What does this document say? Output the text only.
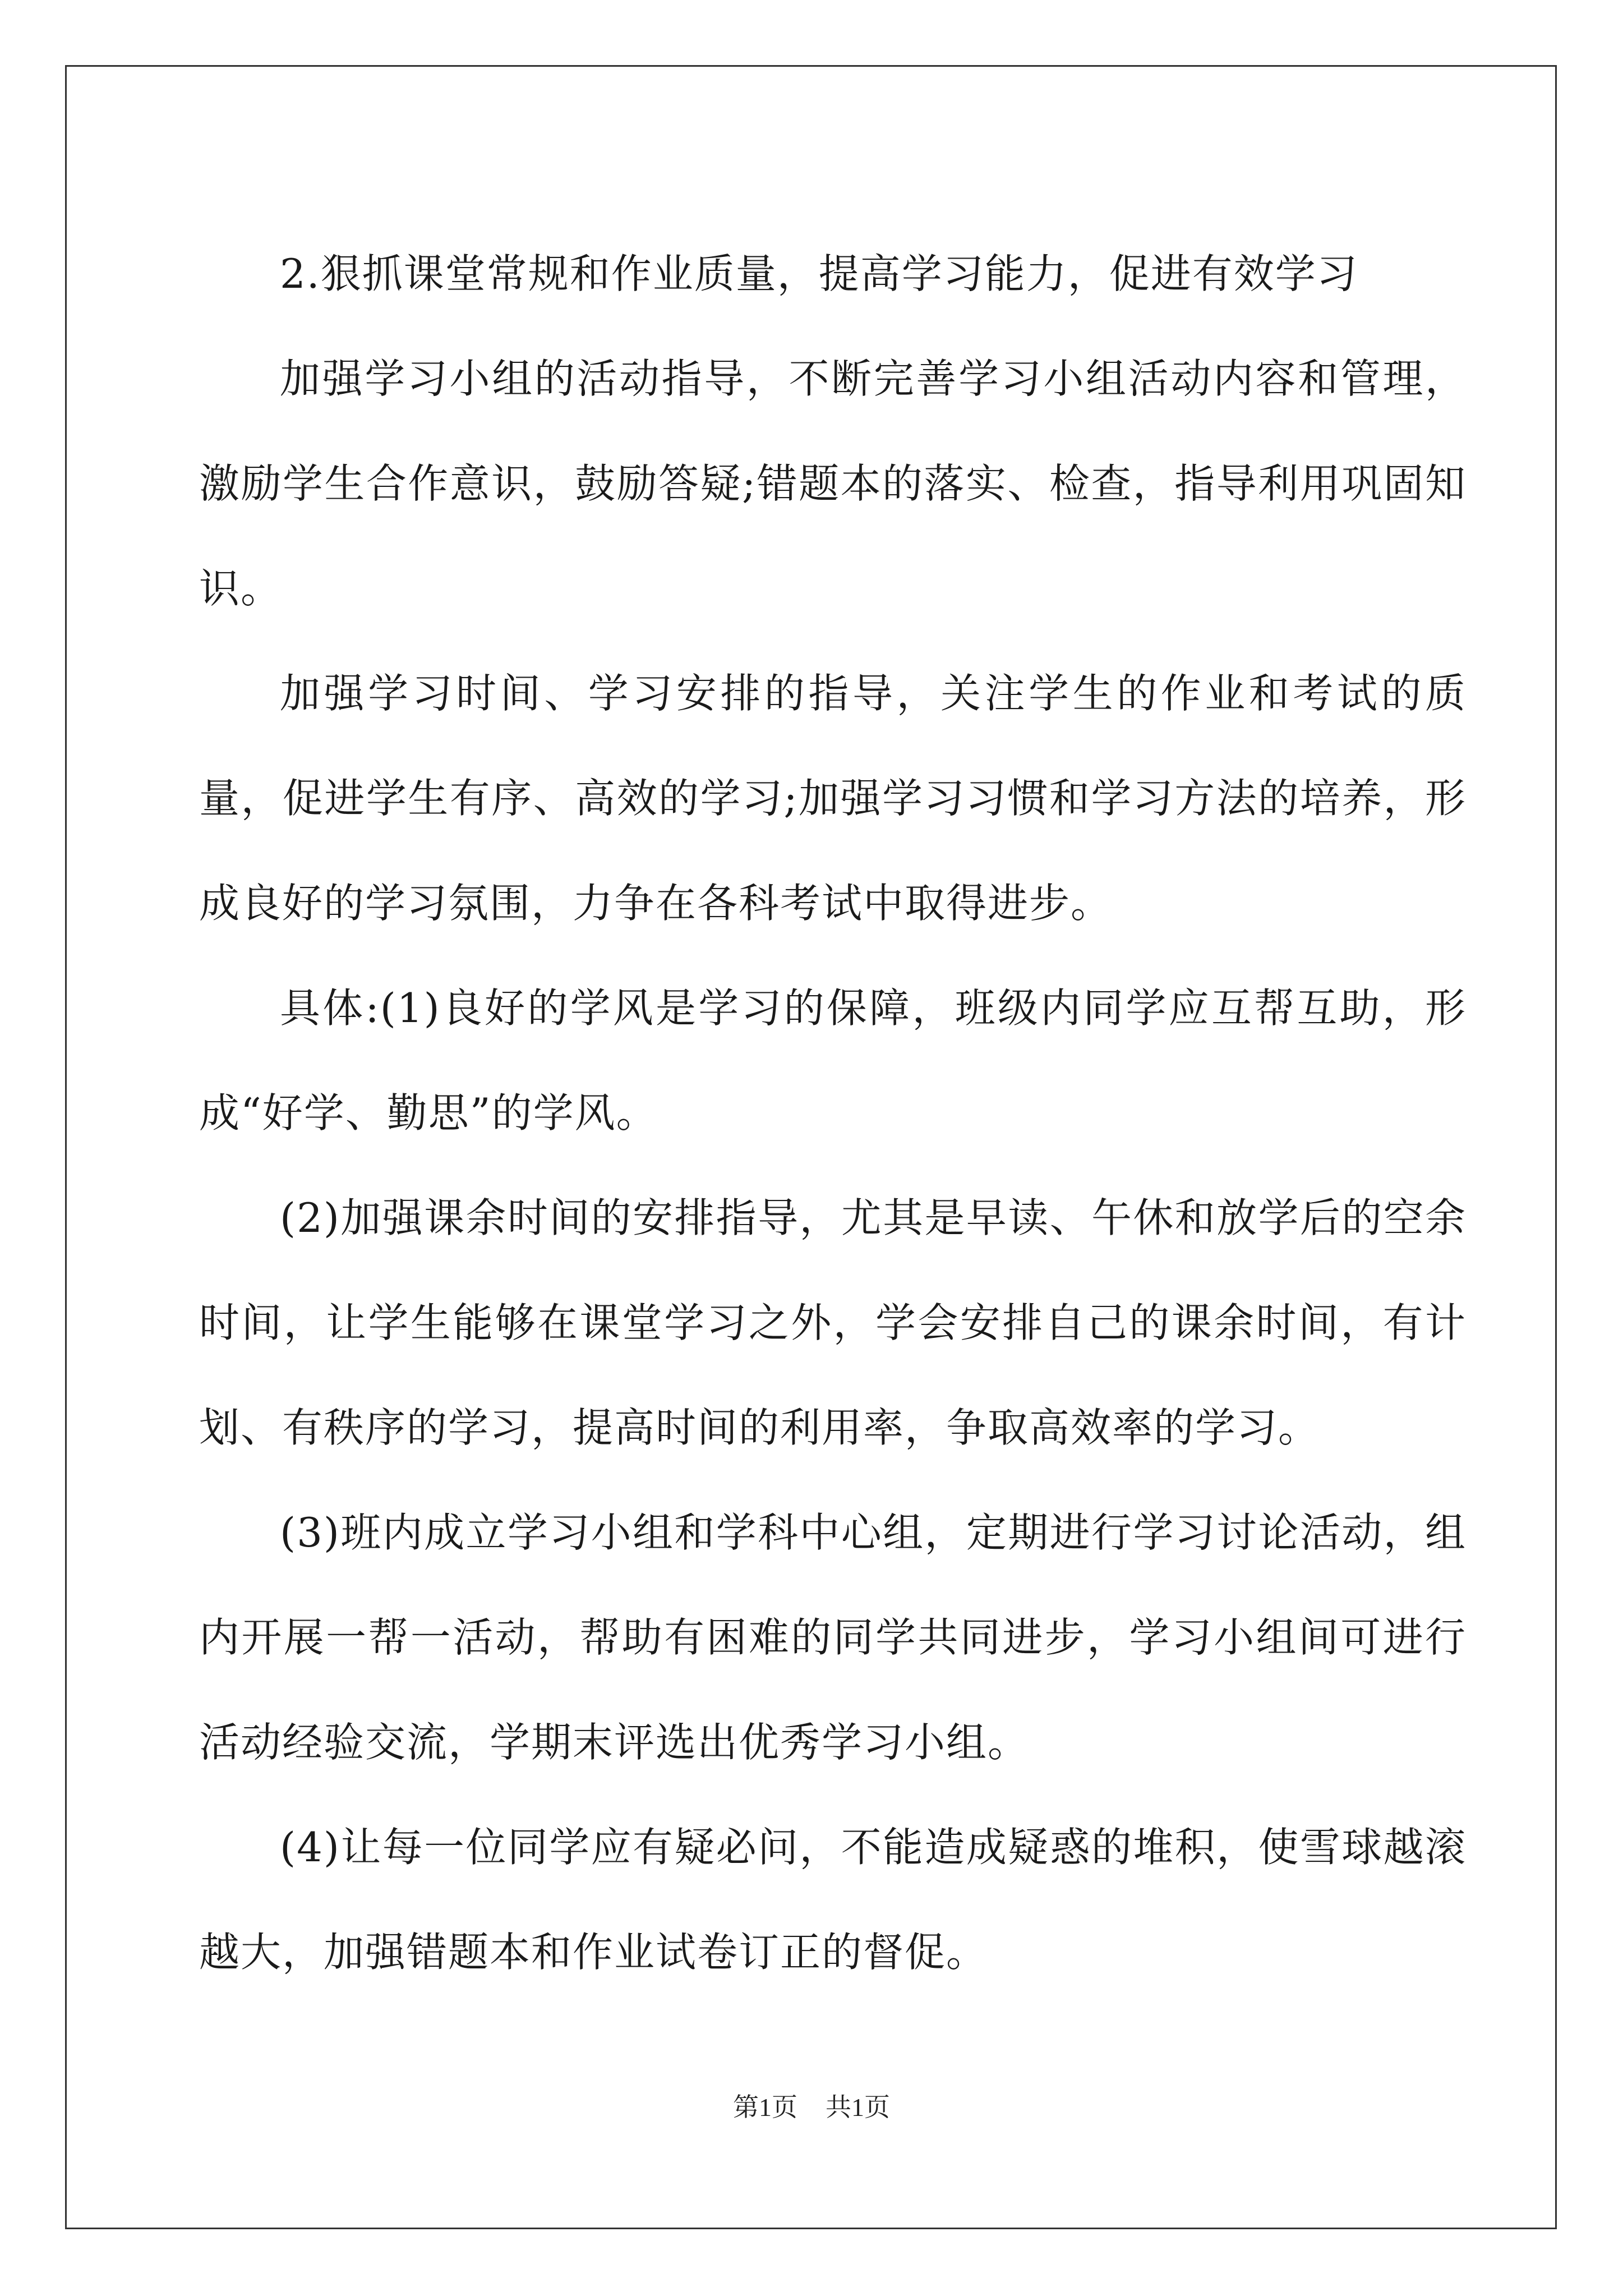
2.狠抓课堂常规和作业质量，提高学习能力，促进有效学习

加强学习小组的活动指导，不断完善学习小组活动内容和管理，激励学生合作意识，鼓励答疑;错题本的落实、检查，指导利用巩固知识。

加强学习时间、学习安排的指导，关注学生的作业和考试的质量，促进学生有序、高效的学习;加强学习习惯和学习方法的培养，形成良好的学习氛围，力争在各科考试中取得进步。

具体:(1)良好的学风是学习的保障，班级内同学应互帮互助，形成“好学、勤思”的学风。

(2)加强课余时间的安排指导，尤其是早读、午休和放学后的空余时间，让学生能够在课堂学习之外，学会安排自己的课余时间，有计划、有秩序的学习，提高时间的利用率，争取高效率的学习。

(3)班内成立学习小组和学科中心组，定期进行学习讨论活动，组内开展一帮一活动，帮助有困难的同学共同进步，学习小组间可进行活动经验交流，学期末评选出优秀学习小组。

(4)让每一位同学应有疑必问，不能造成疑惑的堆积，使雪球越滚越大，加强错题本和作业试卷订正的督促。

第1页 共1页
